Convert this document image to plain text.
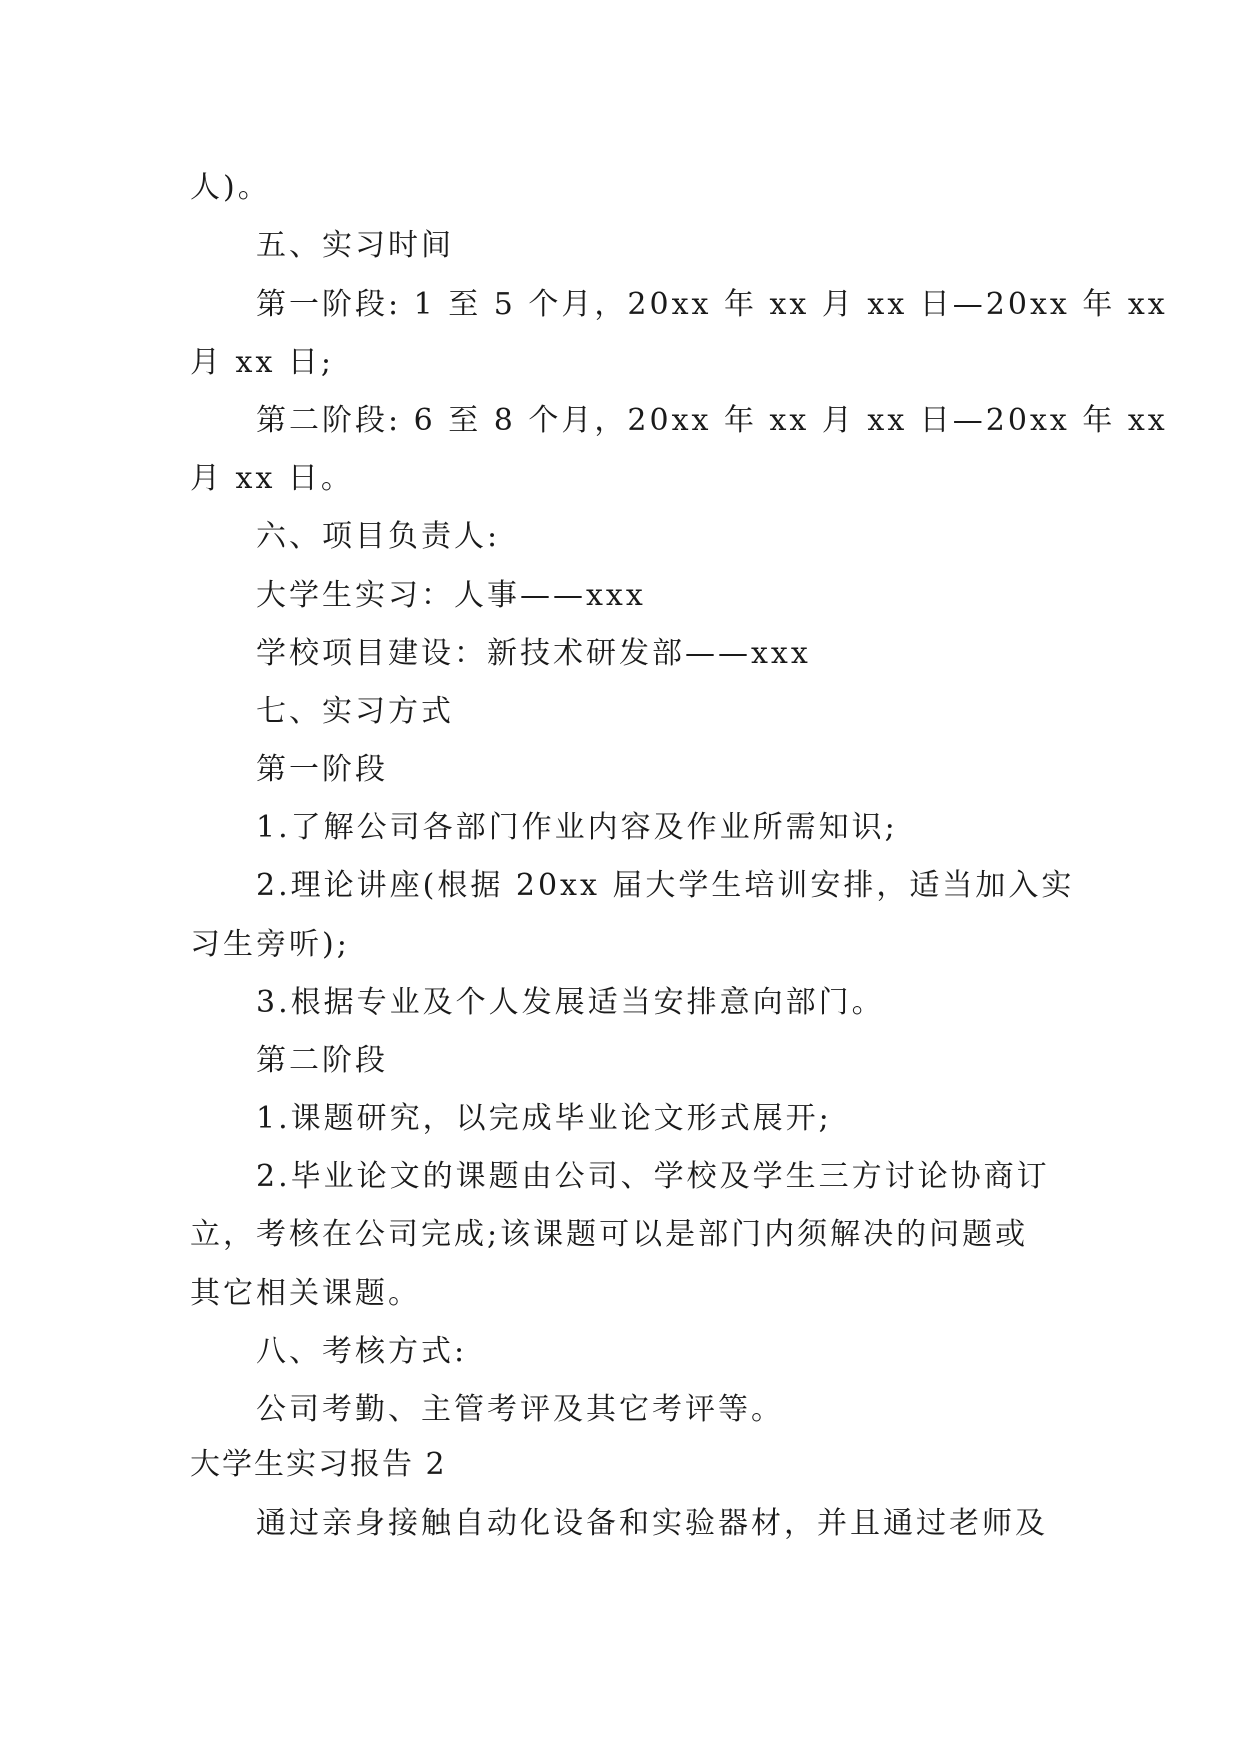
人)。
五、实习时间
第一阶段: 1 至 5 个月，20xx 年 xx 月 xx 日—20xx 年 xx
月 xx 日;
第二阶段: 6 至 8 个月，20xx 年 xx 月 xx 日—20xx 年 xx
月 xx 日。
六、项目负责人:
大学生实习：人事——xxx
学校项目建设：新技术研发部——xxx
七、实习方式
第一阶段
1.了解公司各部门作业内容及作业所需知识;
2.理论讲座(根据 20xx 届大学生培训安排，适当加入实
习生旁听);
3.根据专业及个人发展适当安排意向部门。
第二阶段
1.课题研究，以完成毕业论文形式展开;
2.毕业论文的课题由公司、学校及学生三方讨论协商订
立，考核在公司完成;该课题可以是部门内须解决的问题或
其它相关课题。
八、考核方式:
公司考勤、主管考评及其它考评等。
大学生实习报告 2
通过亲身接触自动化设备和实验器材，并且通过老师及
